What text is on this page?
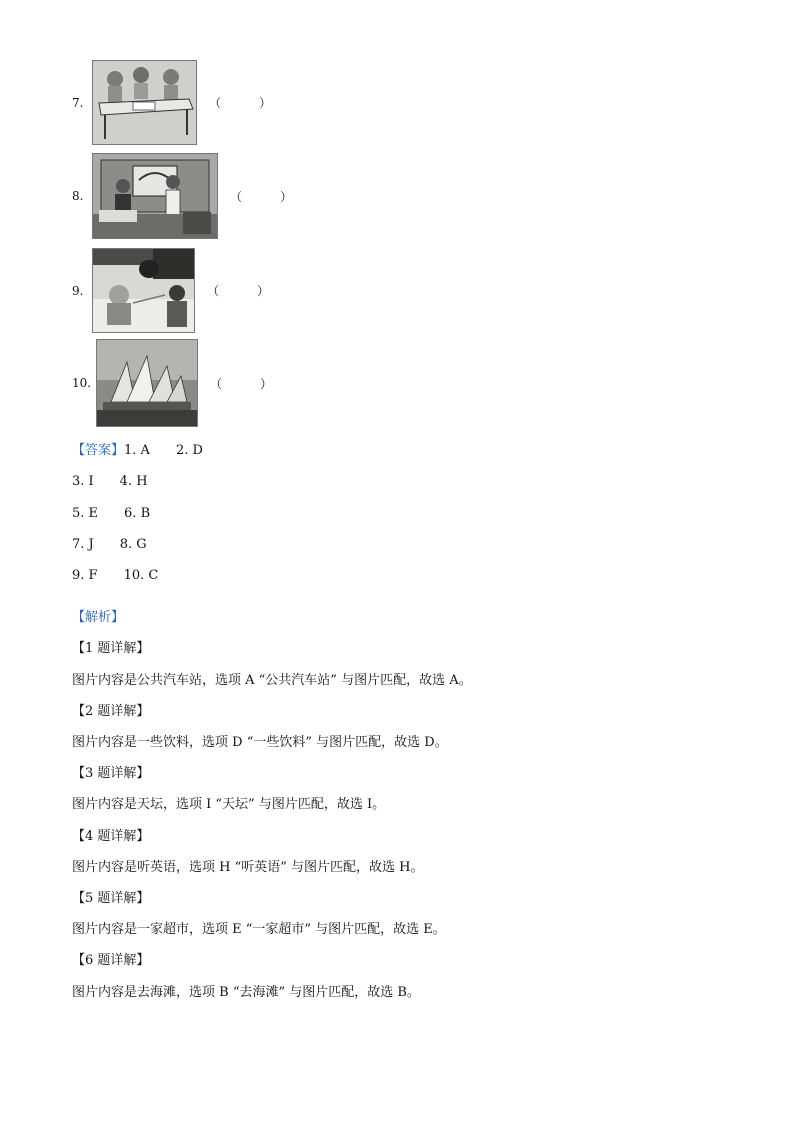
7.	（          ）
8.	（          ）
9.	（          ）
10.	（          ）
【答案】1. A 2. D
3. I 4. H
5. E 6. B
7. J 8. G
9. F 10. C
【解析】
【1 题详解】
图片内容是公共汽车站，选项 A “公共汽车站” 与图片匹配，故选 A。
【2 题详解】
图片内容是一些饮料，选项 D “一些饮料” 与图片匹配，故选 D。
【3 题详解】
图片内容是天坛，选项 I “天坛” 与图片匹配，故选 I。
【4 题详解】
图片内容是听英语，选项 H “听英语” 与图片匹配，故选 H。
【5 题详解】
图片内容是一家超市，选项 E “一家超市” 与图片匹配，故选 E。
【6 题详解】
图片内容是去海滩，选项 B “去海滩” 与图片匹配，故选 B。
